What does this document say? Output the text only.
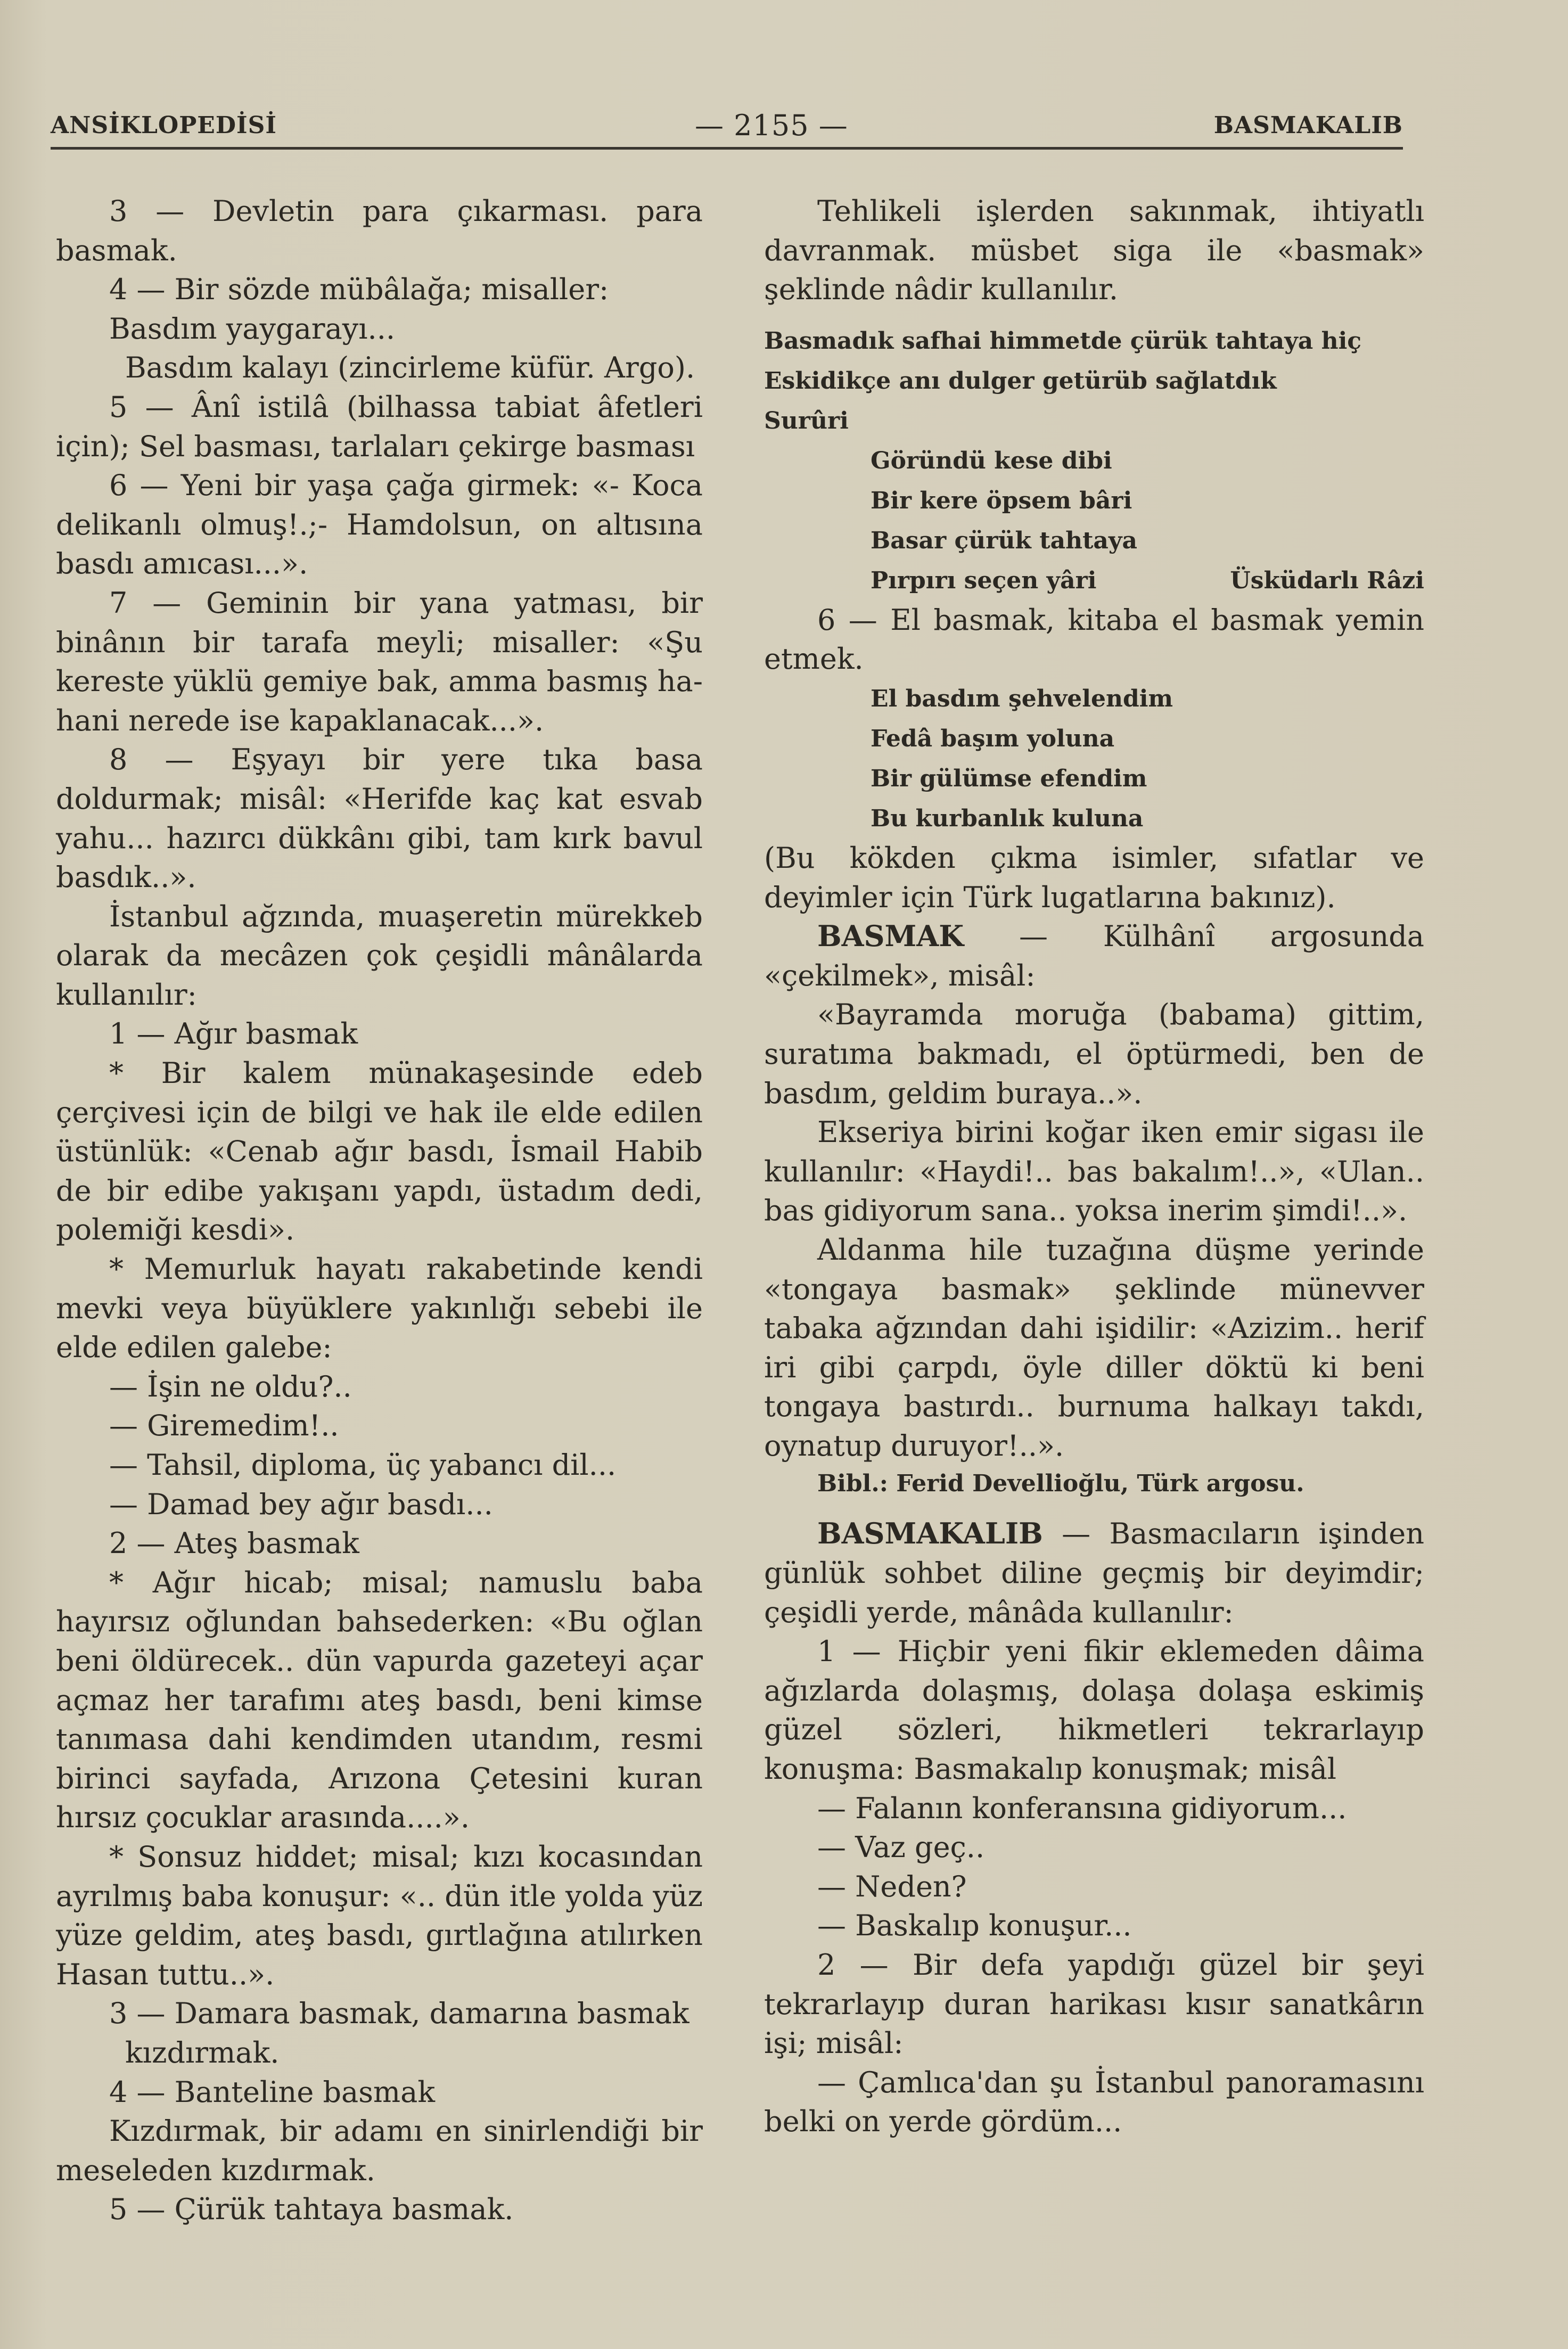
ANSİKLOPEDİSİ	— 2155 —	BASMAKALIB

3 — Devletin para çıkarması. para basmak.

4 — Bir sözde mübâlağa; misaller:

Basdım yaygarayı...

Basdım kalayı (zincirleme küfür. Argo).

5 — Ânî istilâ (bilhassa tabiat âfetleri için); Sel basması, tarlaları çekirge basması

6 — Yeni bir yaşa çağa girmek: «- Koca delikanlı olmuş!.;- Hamdolsun, on altısına basdı amıcası...».

7 — Geminin bir yana yatması, bir binânın bir tarafa meyli; misaller: «Şu kereste yüklü gemiye bak, amma basmış ha- hani nerede ise kapaklanacak...».

8 — Eşyayı bir yere tıka basa doldurmak; misâl: «Herifde kaç kat esvab yahu... hazırcı dükkânı gibi, tam kırk bavul basdık..».

İstanbul ağzında, muaşeretin mürekkeb olarak da mecâzen çok çeşidli mânâlarda kullanılır:

1 — Ağır basmak

* Bir kalem münakaşesinde edeb çerçivesi için de bilgi ve hak ile elde edilen üstünlük: «Cenab ağır basdı, İsmail Habib de bir edibe yakışanı yapdı, üstadım dedi, polemiği kesdi».

* Memurluk hayatı rakabetinde kendi mevki veya büyüklere yakınlığı sebebi ile elde edilen galebe:

— İşin ne oldu?..

— Giremedim!..

— Tahsil, diploma, üç yabancı dil...

— Damad bey ağır basdı...

2 — Ateş basmak

* Ağır hicab; misal; namuslu baba hayırsız oğlundan bahsederken: «Bu oğlan beni öldürecek.. dün vapurda gazeteyi açar açmaz her tarafımı ateş basdı, beni kimse tanımasa dahi kendimden utandım, resmi birinci sayfada, Arızona Çetesini kuran hırsız çocuklar arasında....».

* Sonsuz hiddet; misal; kızı kocasından ayrılmış baba konuşur: «.. dün itle yolda yüz yüze geldim, ateş basdı, gırtlağına atılırken Hasan tuttu..».

3 — Damara basmak, damarına basmak

kızdırmak.

4 — Banteline basmak

Kızdırmak, bir adamı en sinirlendiği bir meseleden kızdırmak.

5 — Çürük tahtaya basmak.

Tehlikeli işlerden sakınmak, ihtiyatlı davranmak. müsbet siga ile «basmak» şeklinde nâdir kullanılır.

Basmadık safhai himmetde çürük tahtaya hiç

Eskidikçe anı dulger getürüb sağlatdık

Surûri

Göründü kese dibi

Bir kere öpsem bâri

Basar çürük tahtaya

Pırpırı seçen yâri	Üsküdarlı Râzi

6 — El basmak, kitaba el basmak yemin etmek.

El basdım şehvelendim

Fedâ başım yoluna

Bir gülümse efendim

Bu kurbanlık kuluna

(Bu kökden çıkma isimler, sıfatlar ve deyimler için Türk lugatlarına bakınız).

BASMAK — Külhânî argosunda «çekilmek», misâl:

«Bayramda moruğa (babama) gittim, suratıma bakmadı, el öptürmedi, ben de basdım, geldim buraya..».

Ekseriya birini koğar iken emir sigası ile kullanılır: «Haydi!.. bas bakalım!..», «Ulan.. bas gidiyorum sana.. yoksa inerim şimdi!..».

Aldanma hile tuzağına düşme yerinde «tongaya basmak» şeklinde münevver tabaka ağzından dahi işidilir: «Azizim.. herif iri gibi çarpdı, öyle diller döktü ki beni tongaya bastırdı.. burnuma halkayı takdı, oynatup duruyor!..».

Bibl.: Ferid Devellioğlu, Türk argosu.

BASMAKALIB — Basmacıların işinden günlük sohbet diline geçmiş bir deyimdir; çeşidli yerde, mânâda kullanılır:

1 — Hiçbir yeni fikir eklemeden dâima ağızlarda dolaşmış, dolaşa dolaşa eskimiş güzel sözleri, hikmetleri tekrarlayıp konuşma: Basmakalıp konuşmak; misâl

— Falanın konferansına gidiyorum...

— Vaz geç..

— Neden?

— Baskalıp konuşur...

2 — Bir defa yapdığı güzel bir şeyi tekrarlayıp duran harikası kısır sanatkârın işi; misâl:

— Çamlıca'dan şu İstanbul panoramasını belki on yerde gördüm...
